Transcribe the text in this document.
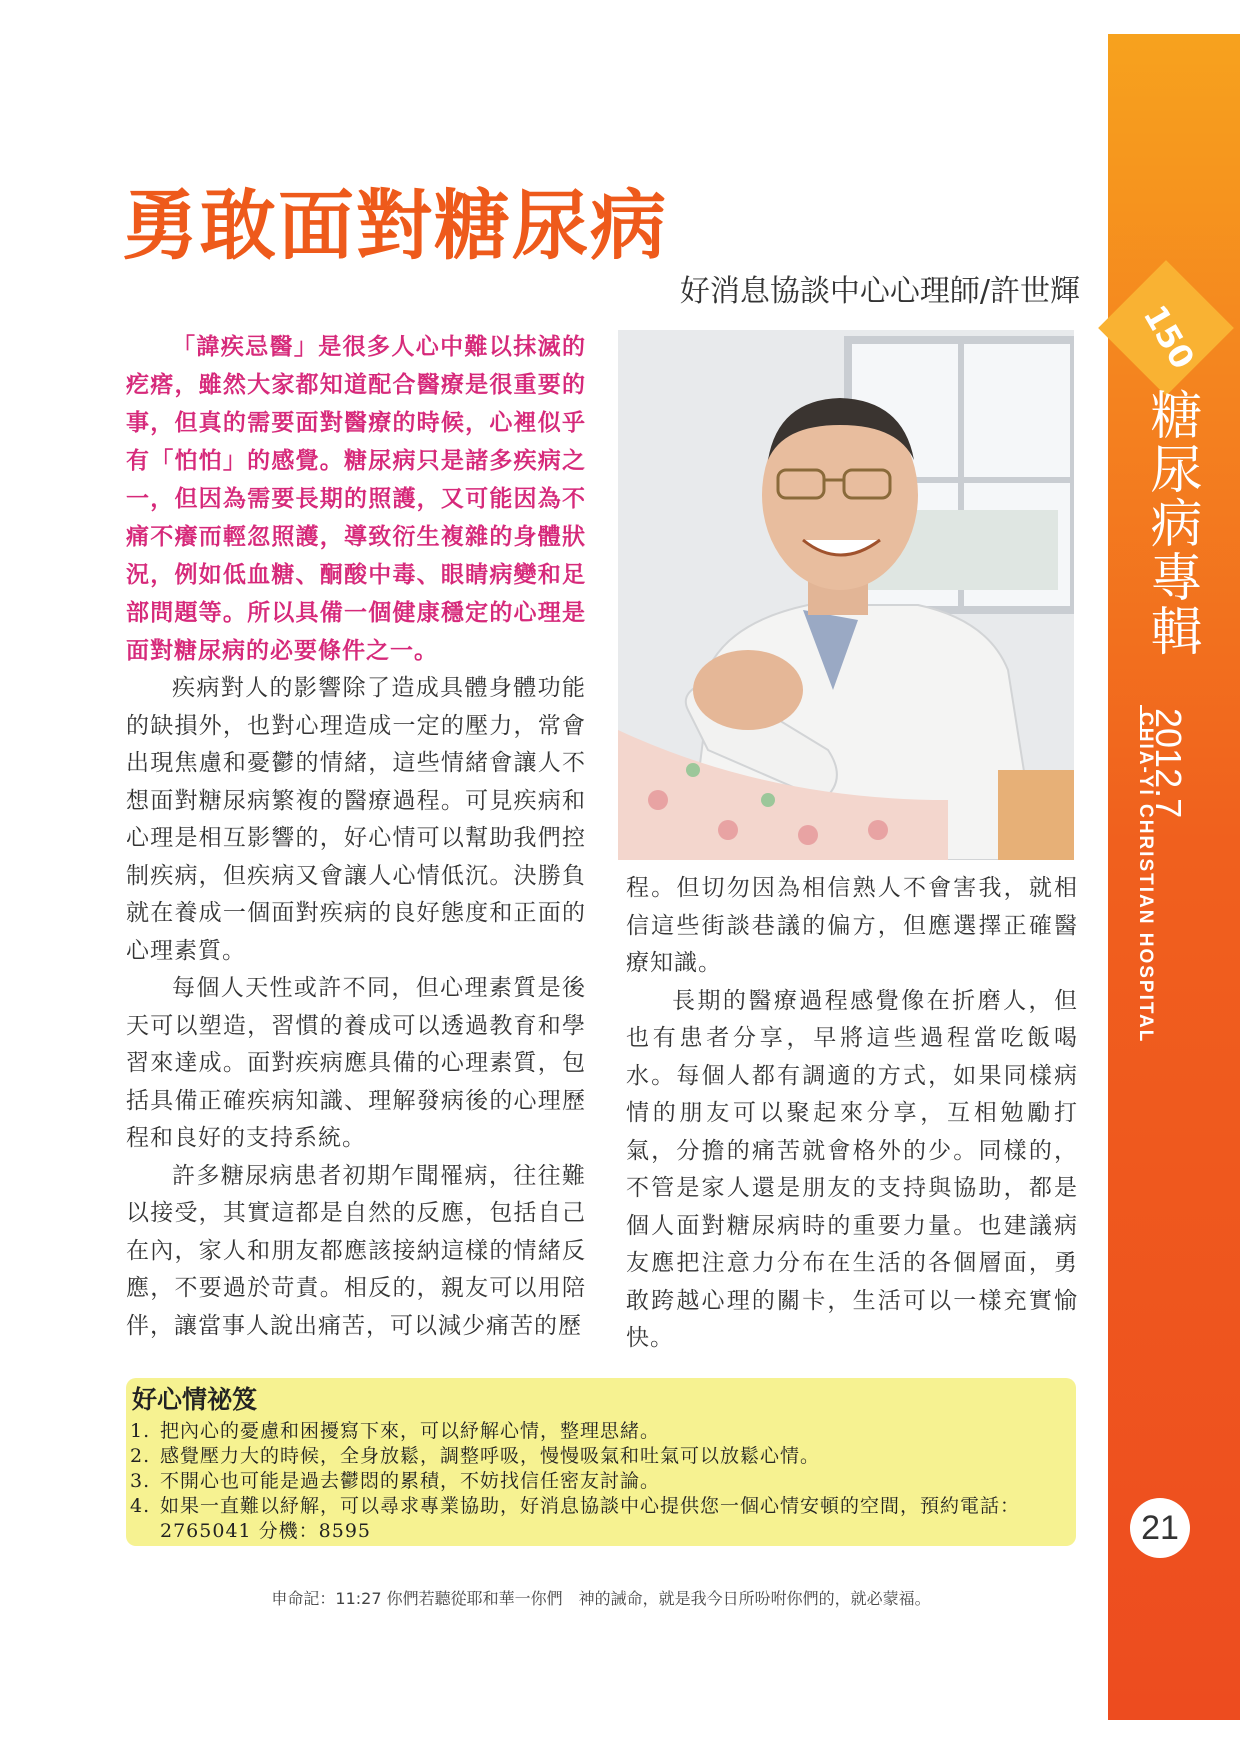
150
糖尿病專輯
2012.7
CHIA-YI CHRISTIAN HOSPITAL
21
勇敢面對糖尿病
好消息協談中心心理師/許世輝

「諱疾忌醫」是很多人心中難以抹滅的疙瘩，雖然大家都知道配合醫療是很重要的事，但真的需要面對醫療的時候，心裡似乎有「怕怕」的感覺。糖尿病只是諸多疾病之一，但因為需要長期的照護，又可能因為不痛不癢而輕忽照護，導致衍生複雜的身體狀況，例如低血糖、酮酸中毒、眼睛病變和足部問題等。所以具備一個健康穩定的心理是面對糖尿病的必要條件之一。

疾病對人的影響除了造成具體身體功能的缺損外，也對心理造成一定的壓力，常會出現焦慮和憂鬱的情緒，這些情緒會讓人不想面對糖尿病繁複的醫療過程。可見疾病和心理是相互影響的，好心情可以幫助我們控制疾病，但疾病又會讓人心情低沉。決勝負就在養成一個面對疾病的良好態度和正面的心理素質。

每個人天性或許不同，但心理素質是後天可以塑造，習慣的養成可以透過教育和學習來達成。面對疾病應具備的心理素質，包括具備正確疾病知識、理解發病後的心理歷程和良好的支持系統。

許多糖尿病患者初期乍聞罹病，往往難以接受，其實這都是自然的反應，包括自己在內，家人和朋友都應該接納這樣的情緒反應，不要過於苛責。相反的，親友可以用陪伴，讓當事人說出痛苦，可以減少痛苦的歷

程。但切勿因為相信熟人不會害我，就相信這些街談巷議的偏方，但應選擇正確醫療知識。

長期的醫療過程感覺像在折磨人，但也有患者分享，早將這些過程當吃飯喝水。每個人都有調適的方式，如果同樣病情的朋友可以聚起來分享，互相勉勵打氣，分擔的痛苦就會格外的少。同樣的，不管是家人還是朋友的支持與協助，都是個人面對糖尿病時的重要力量。也建議病友應把注意力分布在生活的各個層面，勇敢跨越心理的關卡，生活可以一樣充實愉快。

好心情祕笈
1. 把內心的憂慮和困擾寫下來，可以紓解心情，整理思緒。
2. 感覺壓力大的時候，全身放鬆，調整呼吸，慢慢吸氣和吐氣可以放鬆心情。
3. 不開心也可能是過去鬱悶的累積，不妨找信任密友討論。
4. 如果一直難以紓解，可以尋求專業協助，好消息協談中心提供您一個心情安頓的空間，預約電話：2765041 分機：8595
申命記：11:27 你們若聽從耶和華一你們　神的誡命，就是我今日所吩咐你們的，就必蒙福。
